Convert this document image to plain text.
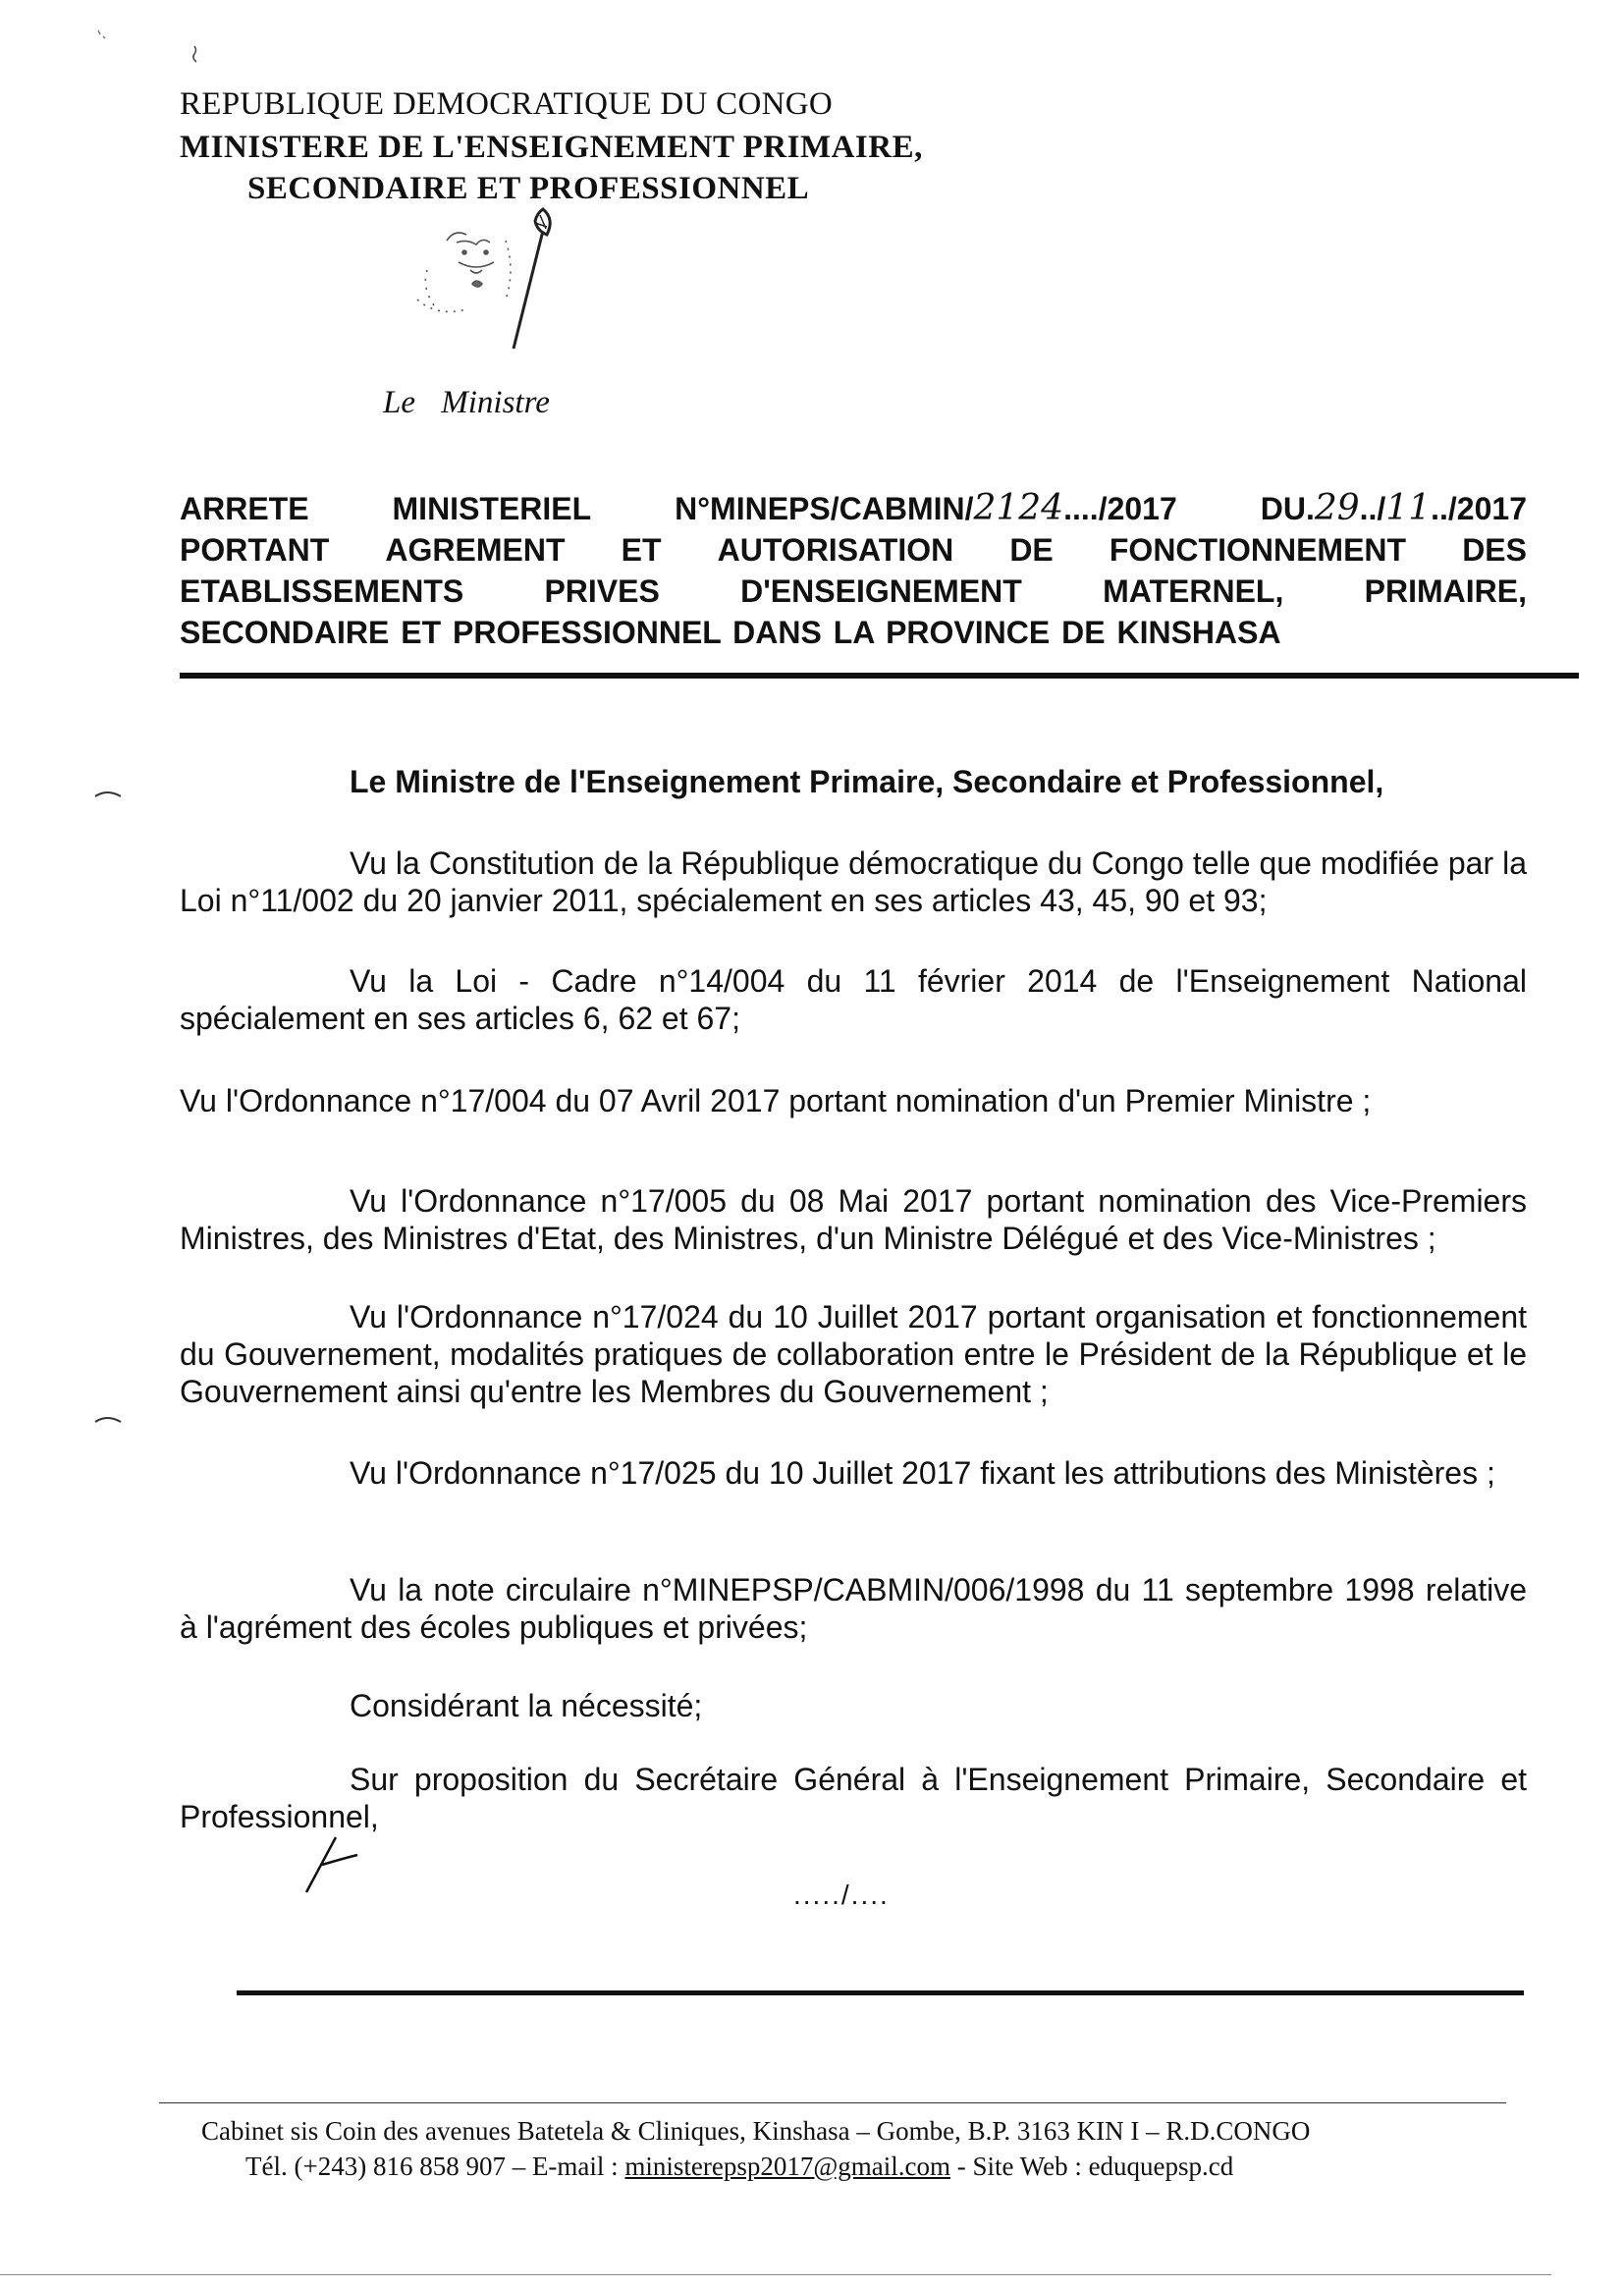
REPUBLIQUE DEMOCRATIQUE DU CONGO
MINISTERE DE L'ENSEIGNEMENT PRIMAIRE,
SECONDAIRE ET PROFESSIONNEL
Le Ministre
ARRETE	MINISTERIEL	N°MINEPS/CABMIN/2124..../2017	DU.29../11../2017
PORTANT AGREMENT ET AUTORISATION DE FONCTIONNEMENT DES
ETABLISSEMENTS	PRIVES	D'ENSEIGNEMENT	MATERNEL,	PRIMAIRE,
SECONDAIRE ET PROFESSIONNEL DANS LA PROVINCE DE KINSHASA
Le Ministre de l'Enseignement Primaire, Secondaire et Professionnel,
Vu la Constitution de la République démocratique du Congo telle que modifiée par la Loi n°11/002 du 20 janvier 2011, spécialement en ses articles 43, 45, 90 et 93;
Vu la Loi - Cadre n°14/004 du 11 février 2014 de l'Enseignement National spécialement en ses articles 6, 62 et 67;
Vu l'Ordonnance n°17/004 du 07 Avril 2017 portant nomination d'un Premier Ministre ;
Vu l'Ordonnance n°17/005 du 08 Mai 2017 portant nomination des Vice-Premiers Ministres, des Ministres d'Etat, des Ministres, d'un Ministre Délégué et des Vice-Ministres ;
Vu l'Ordonnance n°17/024 du 10 Juillet 2017 portant organisation et fonctionnement du Gouvernement, modalités pratiques de collaboration entre le Président de la République et le Gouvernement ainsi qu'entre les Membres du Gouvernement ;
Vu l'Ordonnance n°17/025 du 10 Juillet 2017 fixant les attributions des Ministères ;
Vu la note circulaire n°MINEPSP/CABMIN/006/1998 du 11 septembre 1998 relative à l'agrément des écoles publiques et privées;
Considérant la nécessité;
Sur proposition du Secrétaire Général à l'Enseignement Primaire, Secondaire et Professionnel,
...../....
Cabinet sis Coin des avenues Batetela & Cliniques, Kinshasa – Gombe, B.P. 3163 KIN I – R.D.CONGO
Tél. (+243) 816 858 907 – E-mail : ministerepsp2017@gmail.com - Site Web : eduquepsp.cd
